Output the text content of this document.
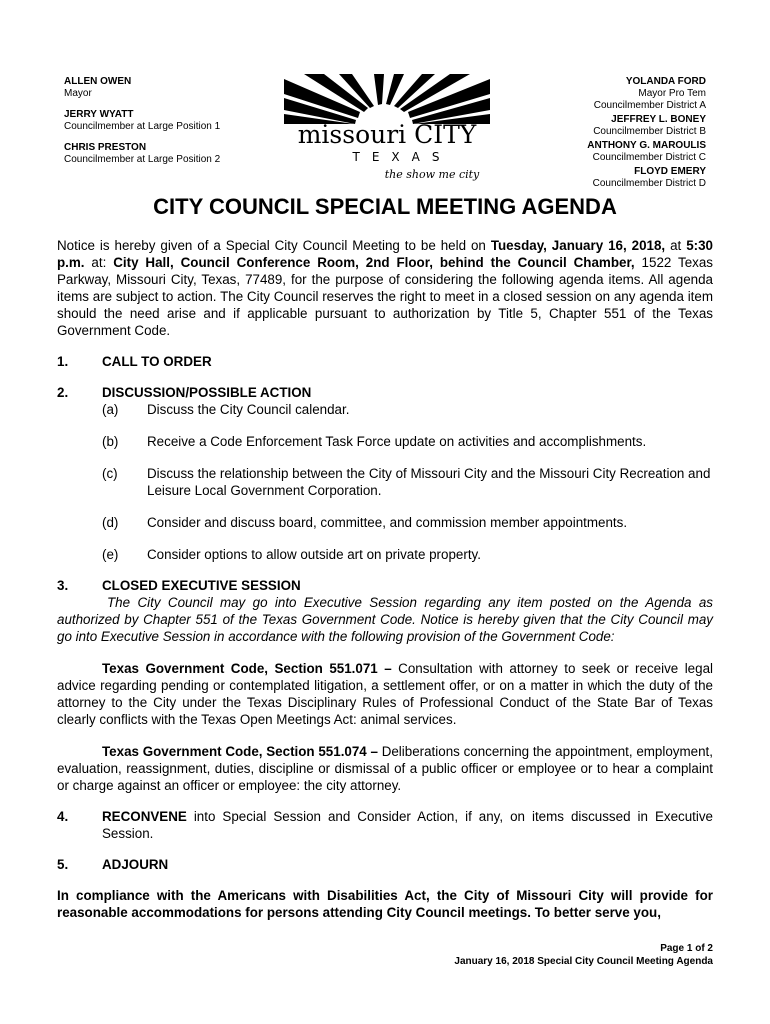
ALLEN OWEN
Mayor
JERRY WYATT
Councilmember at Large Position 1
CHRIS PRESTON
Councilmember at Large Position 2
missouri CITY
TEXAS
the show me city
YOLANDA FORD
Mayor Pro Tem
Councilmember District A
JEFFREY L. BONEY
Councilmember District B
ANTHONY G. MAROULIS
Councilmember District C
FLOYD EMERY
Councilmember District D
CITY COUNCIL SPECIAL MEETING AGENDA

Notice is hereby given of a Special City Council Meeting to be held on Tuesday, January 16, 2018, at 5:30 p.m. at: City Hall, Council Conference Room, 2nd Floor, behind the Council Chamber, 1522 Texas Parkway, Missouri City, Texas, 77489, for the purpose of considering the following agenda items. All agenda items are subject to action. The City Council reserves the right to meet in a closed session on any agenda item should the need arise and if applicable pursuant to authorization by Title 5, Chapter 551 of the Texas Government Code.

1.	CALL TO ORDER
2.	DISCUSSION/POSSIBLE ACTION
(a) Discuss the City Council calendar.
(b) Receive a Code Enforcement Task Force update on activities and accomplishments.
(c) Discuss the relationship between the City of Missouri City and the Missouri City Recreation and Leisure Local Government Corporation.
(d) Consider and discuss board, committee, and commission member appointments.
(e) Consider options to allow outside art on private property.
3.	CLOSED EXECUTIVE SESSION

The City Council may go into Executive Session regarding any item posted on the Agenda as authorized by Chapter 551 of the Texas Government Code. Notice is hereby given that the City Council may go into Executive Session in accordance with the following provision of the Government Code:

Texas Government Code, Section 551.071 – Consultation with attorney to seek or receive legal advice regarding pending or contemplated litigation, a settlement offer, or on a matter in which the duty of the attorney to the City under the Texas Disciplinary Rules of Professional Conduct of the State Bar of Texas clearly conflicts with the Texas Open Meetings Act: animal services.

Texas Government Code, Section 551.074 – Deliberations concerning the appointment, employment, evaluation, reassignment, duties, discipline or dismissal of a public officer or employee or to hear a complaint or charge against an officer or employee: the city attorney.

4.	RECONVENE into Special Session and Consider Action, if any, on items discussed in Executive Session.

5.	ADJOURN

In compliance with the Americans with Disabilities Act, the City of Missouri City will provide for reasonable accommodations for persons attending City Council meetings. To better serve you,

Page 1 of 2
January 16, 2018 Special City Council Meeting Agenda
